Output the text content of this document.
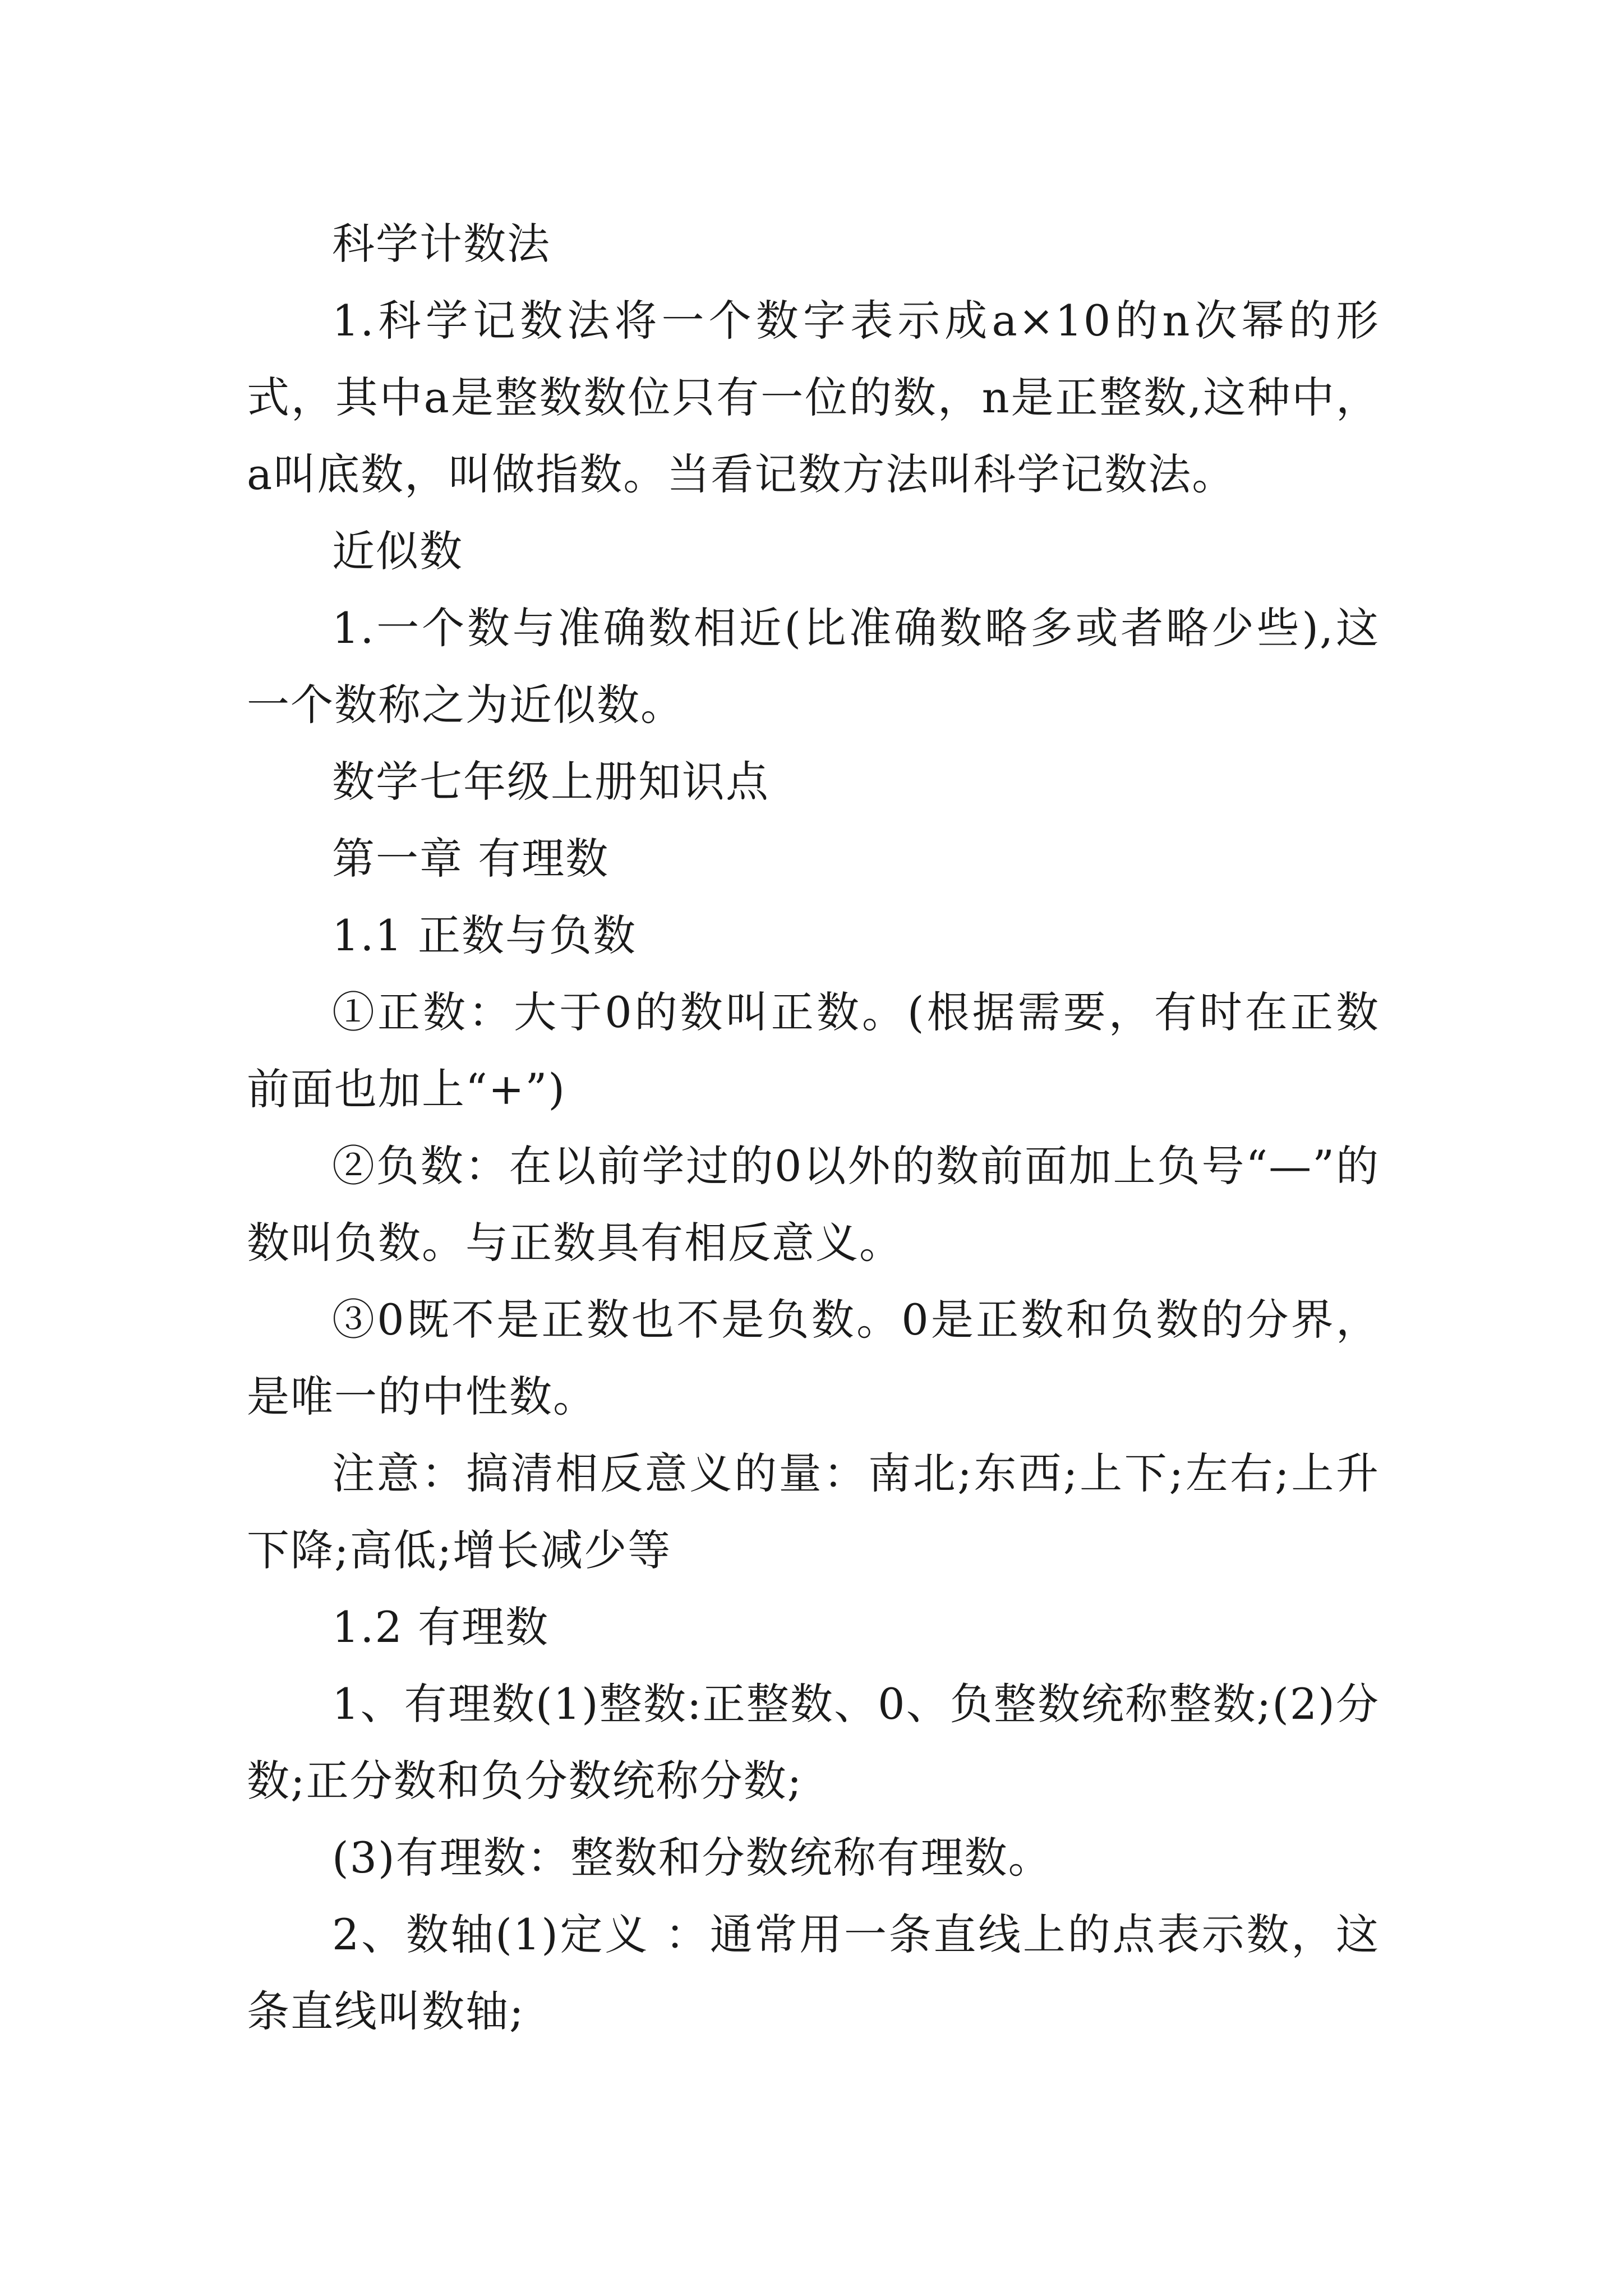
科学计数法

1.科学记数法将一个数字表示成a×10的n次幂的形式，其中a是整数数位只有一位的数，n是正整数,这种中，a叫底数，叫做指数。当看记数方法叫科学记数法。

近似数

1.一个数与准确数相近(比准确数略多或者略少些),这一个数称之为近似数。

数学七年级上册知识点

第一章 有理数

1.1 正数与负数

①正数：大于0的数叫正数。(根据需要，有时在正数前面也加上“+”)

②负数：在以前学过的0以外的数前面加上负号“—”的数叫负数。与正数具有相反意义。

③0既不是正数也不是负数。0是正数和负数的分界，是唯一的中性数。

注意：搞清相反意义的量：南北;东西;上下;左右;上升下降;高低;增长减少等

1.2 有理数

1、有理数(1)整数:正整数、0、负整数统称整数;(2)分数;正分数和负分数统称分数;

(3)有理数：整数和分数统称有理数。

2、数轴(1)定义 ：通常用一条直线上的点表示数，这条直线叫数轴;
